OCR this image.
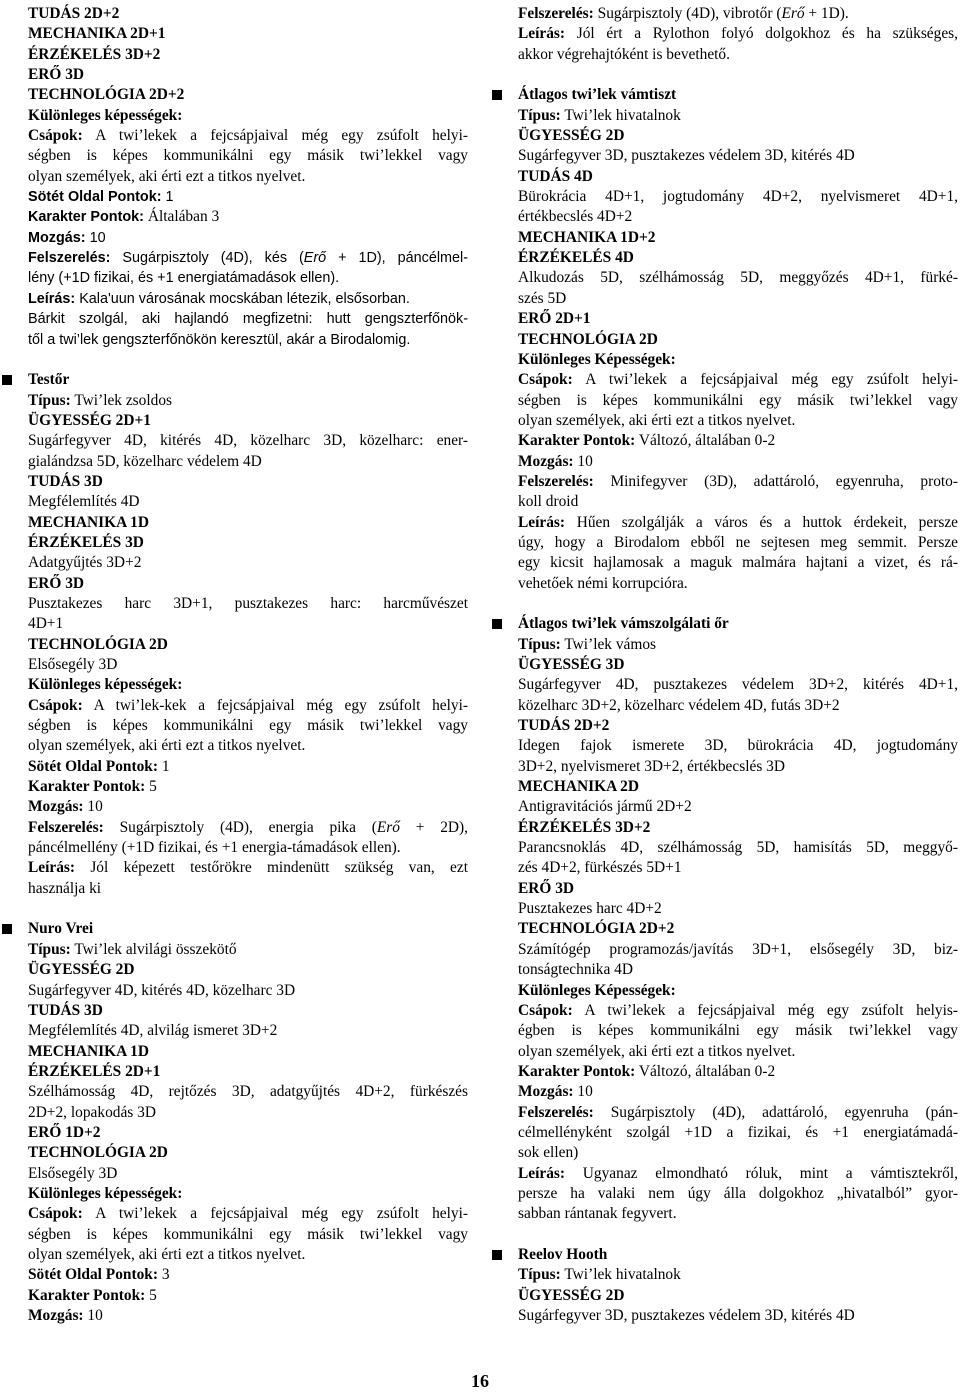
TUDÁS 2D+2
MECHANIKA 2D+1
ÉRZÉKELÉS 3D+2
ERŐ 3D
TECHNOLÓGIA 2D+2
Különleges képességek:
Csápok: A twi’lekek a fejcsápjaival még egy zsúfolt helyi-
ségben is képes kommunikálni egy másik twi’lekkel vagy
olyan személyek, aki érti ezt a titkos nyelvet.
Sötét Oldal Pontok: 1
Karakter Pontok: Általában 3
Mozgás: 10
Felszerelés: Sugárpisztoly (4D), kés (Erő + 1D), páncélmel-
lény (+1D fizikai, és +1 energiatámadások ellen).
Leírás: Kala'uun városának mocskában létezik, elsősorban.
Bárkit szolgál, aki hajlandó megfizetni: hutt gengszterfőnök-
től a twi’lek gengszterfőnökön keresztül, akár a Birodalomig.
Testőr
Típus: Twi’lek zsoldos
ÜGYESSÉG 2D+1
Sugárfegyver 4D, kitérés 4D, közelharc 3D, közelharc: ener-
gialándzsa 5D, közelharc védelem 4D
TUDÁS 3D
Megfélemlítés 4D
MECHANIKA 1D
ÉRZÉKELÉS 3D
Adatgyűjtés 3D+2
ERŐ 3D
Pusztakezes harc 3D+1, pusztakezes harc: harcművészet
4D+1
TECHNOLÓGIA 2D
Elsősegély 3D
Különleges képességek:
Csápok: A twi’lek-kek a fejcsápjaival még egy zsúfolt helyi-
ségben is képes kommunikálni egy másik twi’lekkel vagy
olyan személyek, aki érti ezt a titkos nyelvet.
Sötét Oldal Pontok: 1
Karakter Pontok: 5
Mozgás: 10
Felszerelés: Sugárpisztoly (4D), energia pika (Erő + 2D),
páncélmellény (+1D fizikai, és +1 energia-támadások ellen).
Leírás: Jól képezett testőrökre mindenütt szükség van, ezt
használja ki
Nuro Vrei
Típus: Twi’lek alvilági összekötő
ÜGYESSÉG 2D
Sugárfegyver 4D, kitérés 4D, közelharc 3D
TUDÁS 3D
Megfélemlítés 4D, alvilág ismeret 3D+2
MECHANIKA 1D
ÉRZÉKELÉS 2D+1
Szélhámosság 4D, rejtőzés 3D, adatgyűjtés 4D+2, fürkészés
2D+2, lopakodás 3D
ERŐ 1D+2
TECHNOLÓGIA 2D
Elsősegély 3D
Különleges képességek:
Csápok: A twi’lekek a fejcsápjaival még egy zsúfolt helyi-
ségben is képes kommunikálni egy másik twi’lekkel vagy
olyan személyek, aki érti ezt a titkos nyelvet.
Sötét Oldal Pontok: 3
Karakter Pontok: 5
Mozgás: 10
Felszerelés: Sugárpisztoly (4D), vibrotőr (Erő + 1D).
Leírás: Jól ért a Rylothon folyó dolgokhoz és ha szükséges,
akkor végrehajtóként is bevethető.
Átlagos twi’lek vámtiszt
Típus: Twi’lek hivatalnok
ÜGYESSÉG 2D
Sugárfegyver 3D, pusztakezes védelem 3D, kitérés 4D
TUDÁS 4D
Bürokrácia 4D+1, jogtudomány 4D+2, nyelvismeret 4D+1,
értékbecslés 4D+2
MECHANIKA 1D+2
ÉRZÉKELÉS 4D
Alkudozás 5D, szélhámosság 5D, meggyőzés 4D+1, fürké-
szés 5D
ERŐ 2D+1
TECHNOLÓGIA 2D
Különleges Képességek:
Csápok: A twi’lekek a fejcsápjaival még egy zsúfolt helyi-
ségben is képes kommunikálni egy másik twi’lekkel vagy
olyan személyek, aki érti ezt a titkos nyelvet.
Karakter Pontok: Változó, általában 0-2
Mozgás: 10
Felszerelés: Minifegyver (3D), adattároló, egyenruha, proto-
koll droid
Leírás: Hűen szolgálják a város és a huttok érdekeit, persze
úgy, hogy a Birodalom ebből ne sejtesen meg semmit. Persze
egy kicsit hajlamosak a maguk malmára hajtani a vizet, és rá-
vehetőek némi korrupcióra.
Átlagos twi’lek vámszolgálati őr
Típus: Twi’lek vámos
ÜGYESSÉG 3D
Sugárfegyver 4D, pusztakezes védelem 3D+2, kitérés 4D+1,
közelharc 3D+2, közelharc védelem 4D, futás 3D+2
TUDÁS 2D+2
Idegen fajok ismerete 3D, bürokrácia 4D, jogtudomány
3D+2, nyelvismeret 3D+2, értékbecslés 3D
MECHANIKA 2D
Antigravitációs jármű 2D+2
ÉRZÉKELÉS 3D+2
Parancsnoklás 4D, szélhámosság 5D, hamisítás 5D, meggyő-
zés 4D+2, fürkészés 5D+1
ERŐ 3D
Pusztakezes harc 4D+2
TECHNOLÓGIA 2D+2
Számítógép programozás/javítás 3D+1, elsősegély 3D, biz-
tonságtechnika 4D
Különleges Képességek:
Csápok: A twi’lekek a fejcsápjaival még egy zsúfolt helyis-
égben is képes kommunikálni egy másik twi’lekkel vagy
olyan személyek, aki érti ezt a titkos nyelvet.
Karakter Pontok: Változó, általában 0-2
Mozgás: 10
Felszerelés: Sugárpisztoly (4D), adattároló, egyenruha (pán-
célmellényként szolgál +1D a fizikai, és +1 energiatámadá-
sok ellen)
Leírás: Ugyanaz elmondható róluk, mint a vámtisztekről,
persze ha valaki nem úgy álla dolgokhoz „hivatalból” gyor-
sabban rántanak fegyvert.
Reelov Hooth
Típus: Twi’lek hivatalnok
ÜGYESSÉG 2D
Sugárfegyver 3D, pusztakezes védelem 3D, kitérés 4D
16
